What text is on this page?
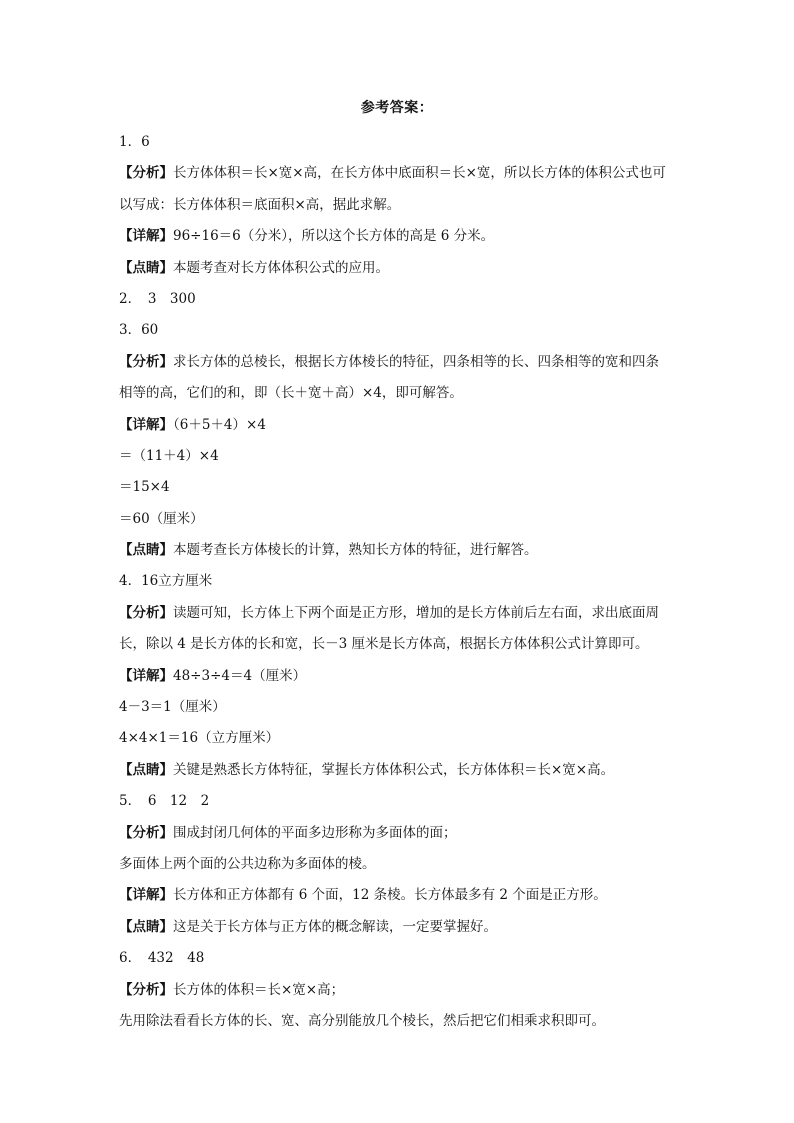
参考答案：
1．6
【分析】长方体体积＝长×宽×高，在长方体中底面积＝长×宽，所以长方体的体积公式也可
以写成：长方体体积＝底面积×高，据此求解。
【详解】96÷16＝6（分米），所以这个长方体的高是 6 分米。
【点睛】本题考查对长方体体积公式的应用。
2．　3　300
3．60
【分析】求长方体的总棱长，根据长方体棱长的特征，四条相等的长、四条相等的宽和四条
相等的高，它们的和，即（长＋宽＋高）×4，即可解答。
【详解】（6＋5＋4）×4
＝（11＋4）×4
＝15×4
＝60（厘米）
【点睛】本题考查长方体棱长的计算，熟知长方体的特征，进行解答。
4．16立方厘米
【分析】读题可知，长方体上下两个面是正方形，增加的是长方体前后左右面，求出底面周
长，除以 4 是长方体的长和宽，长－3 厘米是长方体高，根据长方体体积公式计算即可。
【详解】48÷3÷4＝4（厘米）
4－3＝1（厘米）
4×4×1＝16（立方厘米）
【点睛】关键是熟悉长方体特征，掌握长方体体积公式，长方体体积＝长×宽×高。
5．　6　12　2
【分析】围成封闭几何体的平面多边形称为多面体的面；
多面体上两个面的公共边称为多面体的棱。
【详解】长方体和正方体都有 6 个面，12 条棱。长方体最多有 2 个面是正方形。
【点睛】这是关于长方体与正方体的概念解读，一定要掌握好。
6．　432　48
【分析】长方体的体积＝长×宽×高；
先用除法看看长方体的长、宽、高分别能放几个棱长，然后把它们相乘求积即可。
